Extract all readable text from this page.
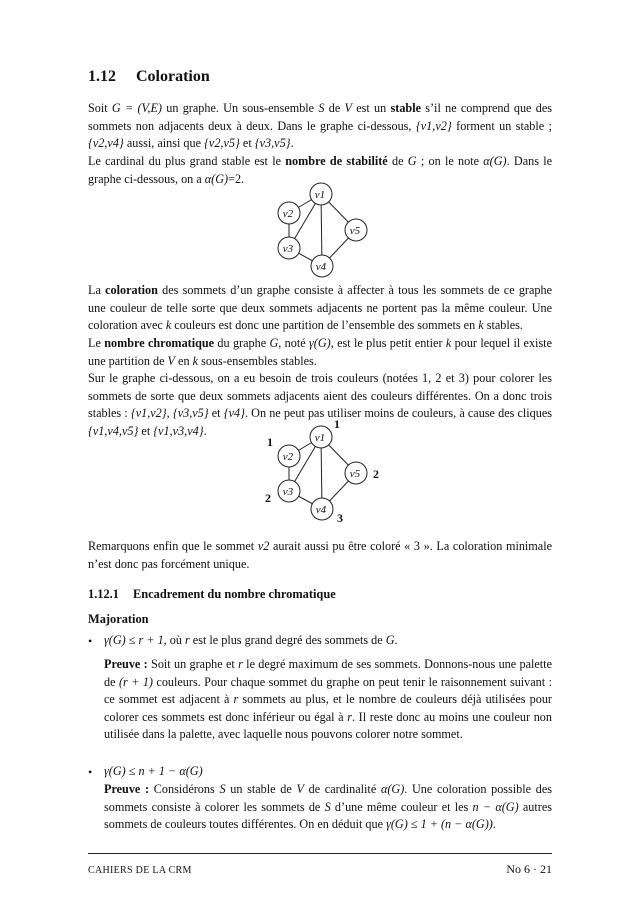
1.12 Coloration
Soit G = (V,E) un graphe. Un sous-ensemble S de V est un stable s’il ne comprend que des sommets non adjacents deux à deux. Dans le graphe ci-dessous, {v1,v2} forment un stable ; {v2,v4} aussi, ainsi que {v2,v5} et {v3,v5}.
Le cardinal du plus grand stable est le nombre de stabilité de G ; on le note α(G). Dans le graphe ci-dessous, on a α(G)=2.
v1
v2
v3
v4
v5
La coloration des sommets d’un graphe consiste à affecter à tous les sommets de ce graphe une couleur de telle sorte que deux sommets adjacents ne portent pas la même couleur. Une coloration avec k couleurs est donc une partition de l’ensemble des sommets en k stables.
Le nombre chromatique du graphe G, noté γ(G), est le plus petit entier k pour lequel il existe une partition de V en k sous-ensembles stables.
Sur le graphe ci-dessous, on a eu besoin de trois couleurs (notées 1, 2 et 3) pour colorer les sommets de sorte que deux sommets adjacents aient des couleurs différentes. On a donc trois stables : {v1,v2}, {v3,v5} et {v4}. On ne peut pas utiliser moins de couleurs, à cause des cliques {v1,v4,v5} et {v1,v3,v4}.
v1
v2
v3
v4
v5
1
1
2
3
2
Remarquons enfin que le sommet v2 aurait aussi pu être coloré « 3 ». La coloration minimale n’est donc pas forcément unique.
1.12.1 Encadrement du nombre chromatique
Majoration
• γ(G) ≤ r + 1, où r est le plus grand degré des sommets de G.
Preuve : Soit un graphe et r le degré maximum de ses sommets. Donnons-nous une palette de (r + 1) couleurs. Pour chaque sommet du graphe on peut tenir le raisonnement suivant : ce sommet est adjacent à r sommets au plus, et le nombre de couleurs déjà utilisées pour colorer ces sommets est donc inférieur ou égal à r. Il reste donc au moins une couleur non utilisée dans la palette, avec laquelle nous pouvons colorer notre sommet.
• γ(G) ≤ n + 1 − α(G)
Preuve : Considérons S un stable de V de cardinalité α(G). Une coloration possible des sommets consiste à colorer les sommets de S d’une même couleur et les n − α(G) autres sommets de couleurs toutes différentes. On en déduit que γ(G) ≤ 1 + (n − α(G)).
CAHIERS DE LA CRM	No 6 · 21
